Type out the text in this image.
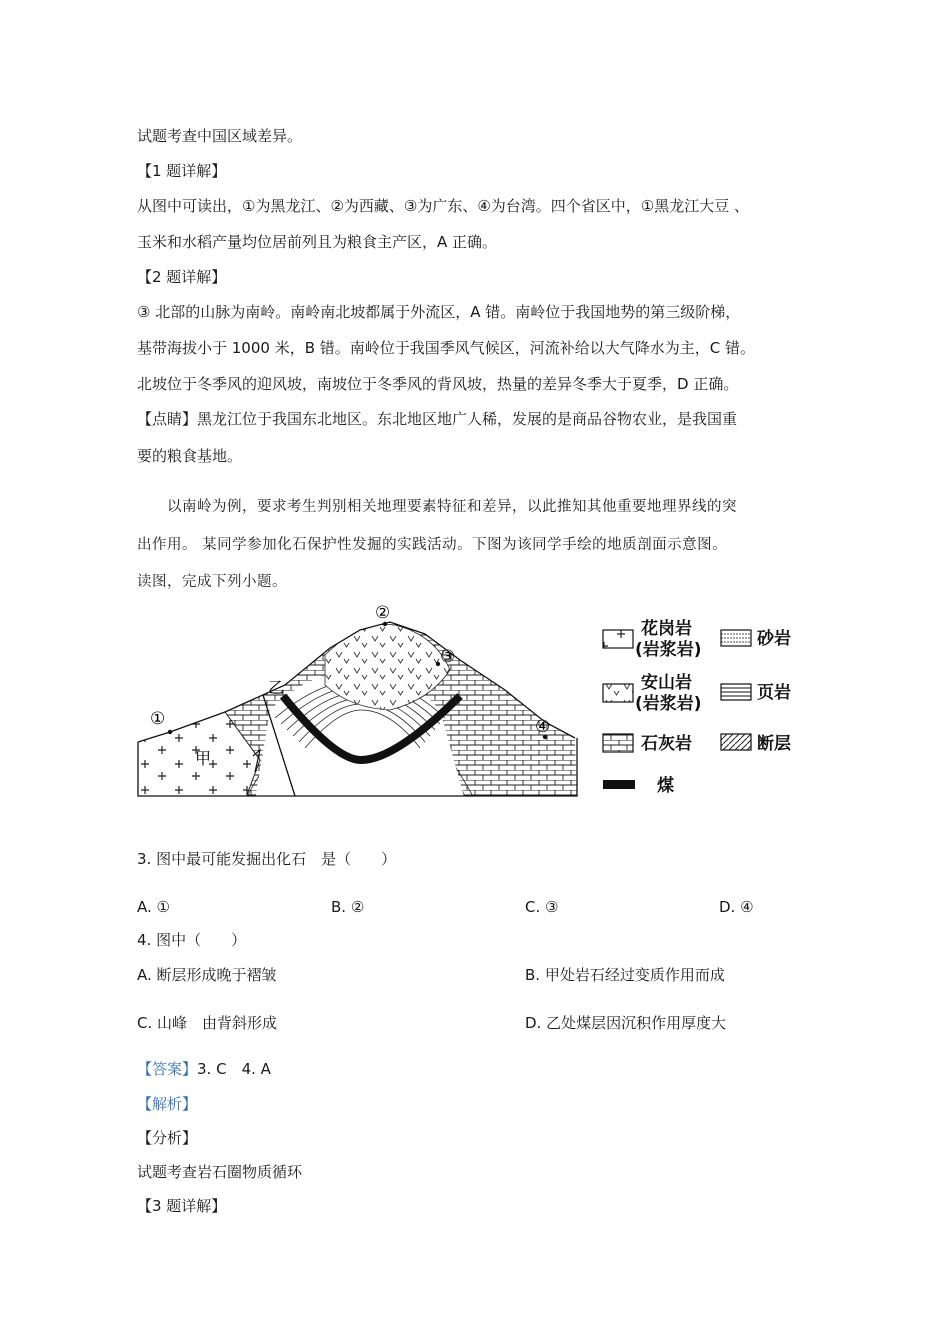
试题考查中国区域差异。
【1 题详解】
从图中可读出，①为黑龙江、②为西藏、③为广东、④为台湾。四个省区中，①黑龙江大豆 、
玉米和水稻产量均位居前列且为粮食主产区，A 正确。
【2 题详解】
③ 北部的山脉为南岭。南岭南北坡都属于外流区，A 错。南岭位于我国地势的第三级阶梯，
基带海拔小于 1000 米，B 错。南岭位于我国季风气候区，河流补给以大气降水为主，C 错。
北坡位于冬季风的迎风坡，南坡位于冬季风的背风坡，热量的差异冬季大于夏季，D 正确。
【点睛】黑龙江位于我国东北地区。东北地区地广人稀，发展的是商品谷物农业，是我国重
要的粮食基地。
　　以南岭为例，要求考生判别相关地理要素特征和差异，以此推知其他重要地理界线的突
出作用。 某同学参加化石保护性发掘的实践活动。下图为该同学手绘的地质剖面示意图。
读图，完成下列小题。
①
②
③
④
甲
乙
花岗岩
(岩浆岩)
砂岩
安山岩
(岩浆岩)
页岩
石灰岩	断层
煤
3. 图中最可能发掘出化石　是（　　）
A. ①	B. ②	C. ③	D. ④
4. 图中（　　）
A. 断层形成晚于褶皱	B. 甲处岩石经过变质作用而成
C. 山峰　由背斜形成	D. 乙处煤层因沉积作用厚度大
【答案】3. C　4. A
【解析】
【分析】
试题考查岩石圈物质循环
【3 题详解】
